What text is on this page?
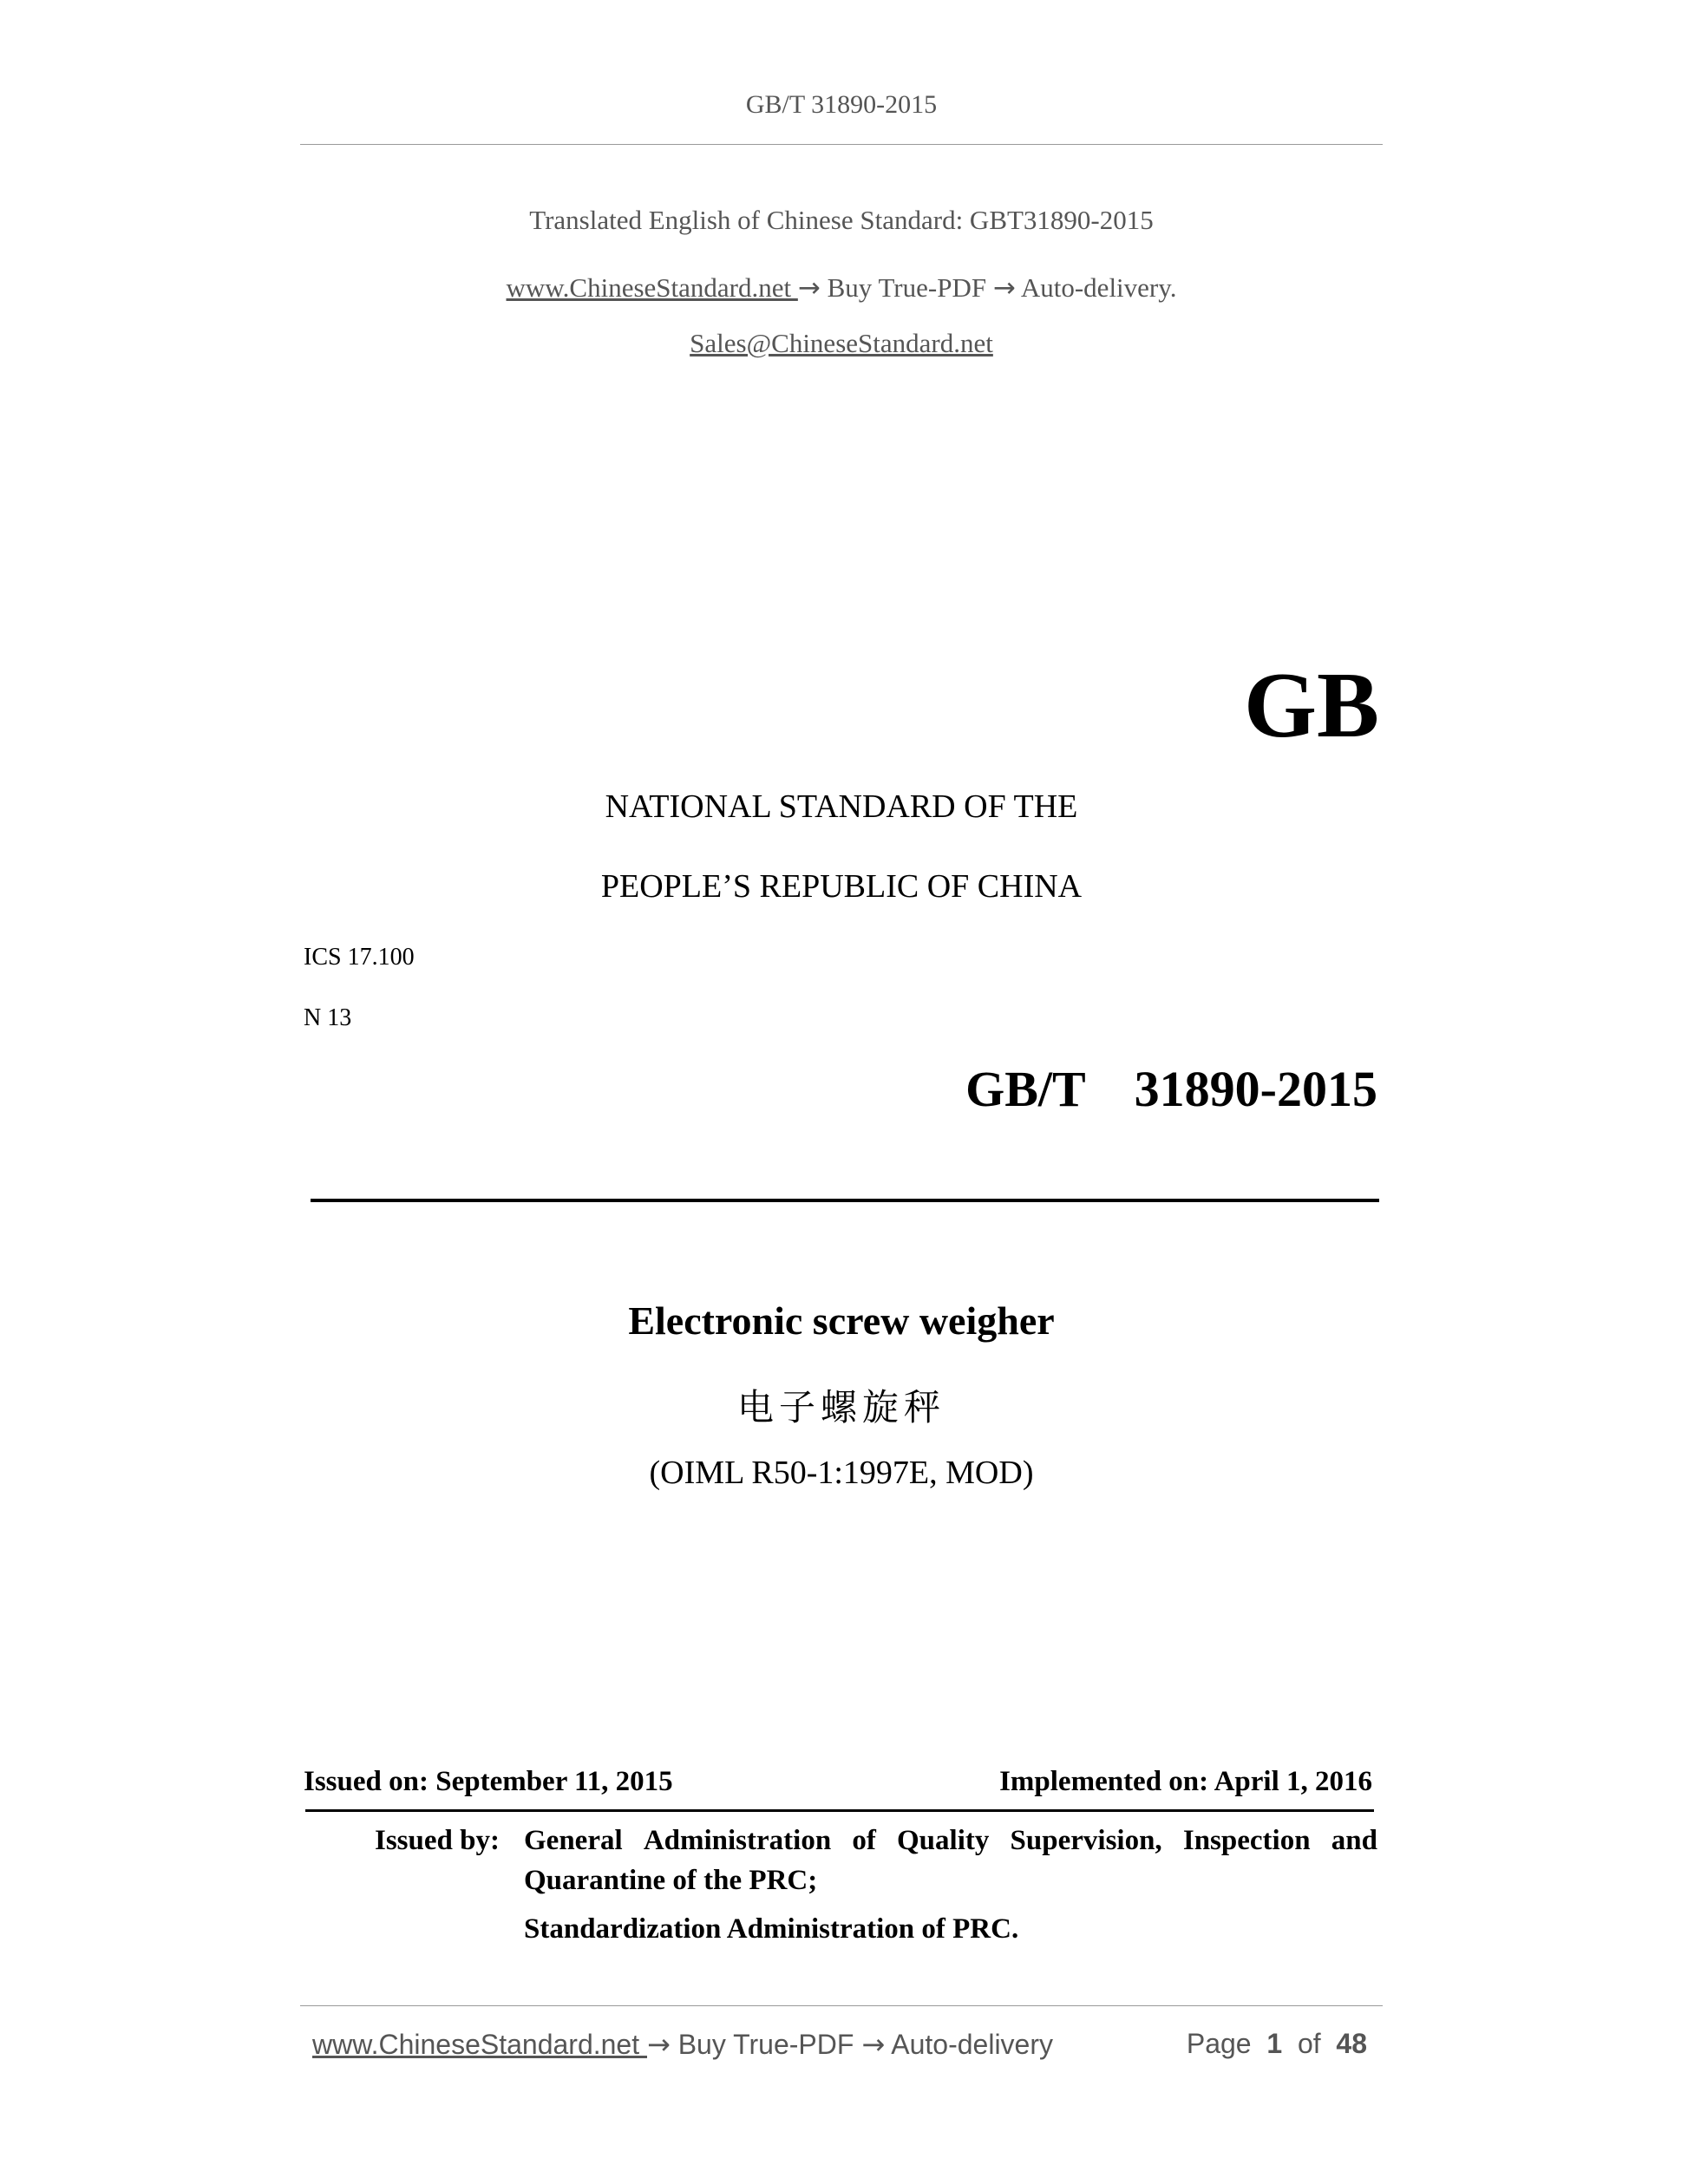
GB/T 31890-2015
Translated English of Chinese Standard: GBT31890-2015
www.ChineseStandard.net → Buy True-PDF → Auto-delivery.
Sales@ChineseStandard.net
GB
NATIONAL STANDARD OF THE
PEOPLE’S REPUBLIC OF CHINA
ICS 17.100
N 13
GB/T  31890-2015
Electronic screw weigher
电子螺旋秤
(OIML R50-1:1997E, MOD)
Issued on: September 11, 2015	Implemented on: April 1, 2016
Issued by: General Administration of Quality Supervision, Inspection and
Quarantine of the PRC;
Standardization Administration of PRC.
www.ChineseStandard.net → Buy True-PDF → Auto-delivery	Page 1 of 48
